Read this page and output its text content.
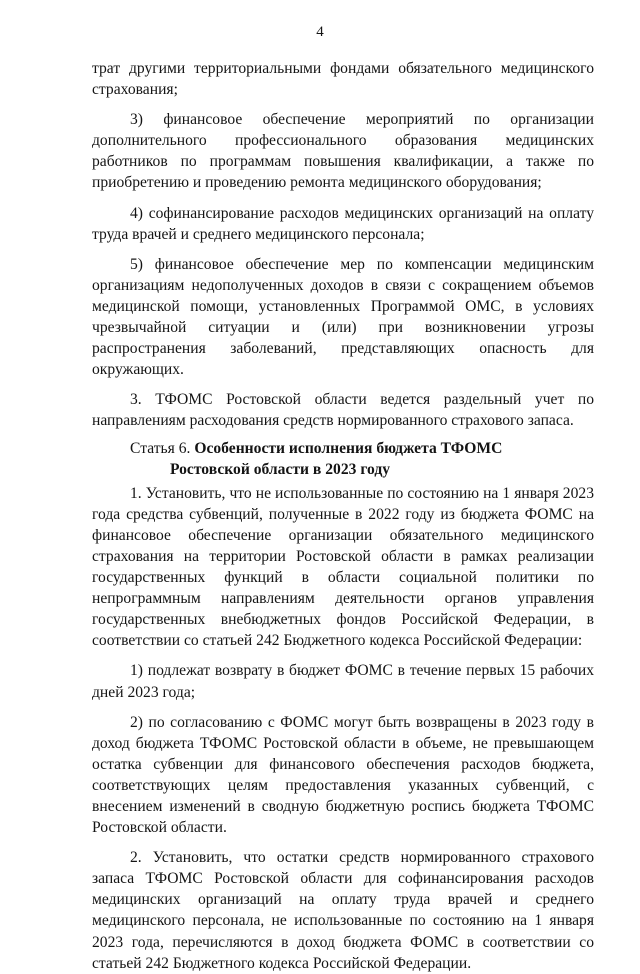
4

трат другими территориальными фондами обязательного медицинского страхования;

3) финансовое обеспечение мероприятий по организации дополнительного профессионального образования медицинских работников по программам повышения квалификации, а также по приобретению и проведению ремонта медицинского оборудования;

4) софинансирование расходов медицинских организаций на оплату труда врачей и среднего медицинского персонала;

5) финансовое обеспечение мер по компенсации медицинским организациям недополученных доходов в связи с сокращением объемов медицинской помощи, установленных Программой ОМС, в условиях чрезвычайной ситуации и (или) при возникновении угрозы распространения заболеваний, представляющих опасность для окружающих.

3. ТФОМС Ростовской области ведется раздельный учет по направлениям расходования средств нормированного страхового запаса.

Статья 6. Особенности исполнения бюджета ТФОМС
Ростовской области в 2023 году

1. Установить, что не использованные по состоянию на 1 января 2023 года средства субвенций, полученные в 2022 году из бюджета ФОМС на финансовое обеспечение организации обязательного медицинского страхования на территории Ростовской области в рамках реализации государственных функций в области социальной политики по непрограммным направлениям деятельности органов управления государственных внебюджетных фондов Российской Федерации, в соответствии со статьей 242 Бюджетного кодекса Российской Федерации:

1) подлежат возврату в бюджет ФОМС в течение первых 15 рабочих дней 2023 года;

2) по согласованию с ФОМС могут быть возвращены в 2023 году в доход бюджета ТФОМС Ростовской области в объеме, не превышающем остатка субвенции для финансового обеспечения расходов бюджета, соответствующих целям предоставления указанных субвенций, с внесением изменений в сводную бюджетную роспись бюджета ТФОМС Ростовской области.

2. Установить, что остатки средств нормированного страхового запаса ТФОМС Ростовской области для софинансирования расходов медицинских организаций на оплату труда врачей и среднего медицинского персонала, не использованные по состоянию на 1 января 2023 года, перечисляются в доход бюджета ФОМС в соответствии со статьей 242 Бюджетного кодекса Российской Федерации.
